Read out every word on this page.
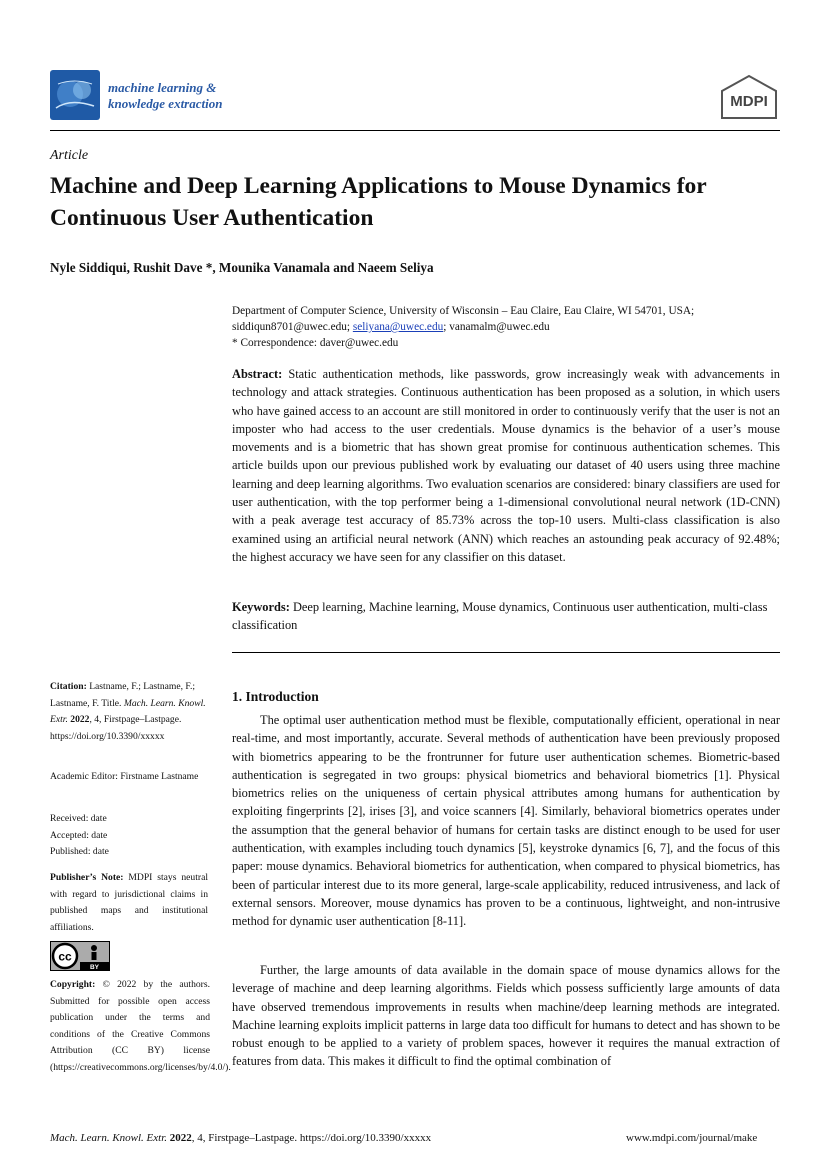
machine learning &
knowledge extraction	MDPI
Article
Machine and Deep Learning Applications to Mouse Dynamics for Continuous User Authentication
Nyle Siddiqui, Rushit Dave *, Mounika Vanamala and Naeem Seliya
Department of Computer Science, University of Wisconsin – Eau Claire, Eau Claire, WI 54701, USA;
siddiqun8701@uwec.edu; seliyana@uwec.edu; vanamalm@uwec.edu
* Correspondence: daver@uwec.edu
Abstract: Static authentication methods, like passwords, grow increasingly weak with advancements in technology and attack strategies. Continuous authentication has been proposed as a solution, in which users who have gained access to an account are still monitored in order to continuously verify that the user is not an imposter who had access to the user credentials. Mouse dynamics is the behavior of a user’s mouse movements and is a biometric that has shown great promise for continuous authentication schemes. This article builds upon our previous published work by evaluating our dataset of 40 users using three machine learning and deep learning algorithms. Two evaluation scenarios are considered: binary classifiers are used for user authentication, with the top performer being a 1-dimensional convolutional neural network (1D-CNN) with a peak average test accuracy of 85.73% across the top-10 users. Multi-class classification is also examined using an artificial neural network (ANN) which reaches an astounding peak accuracy of 92.48%; the highest accuracy we have seen for any classifier on this dataset.
Keywords: Deep learning, Machine learning, Mouse dynamics, Continuous user authentication, multi-class classification
1. Introduction

The optimal user authentication method must be flexible, computationally efficient, operational in near real-time, and most importantly, accurate. Several methods of authentication have been previously proposed with biometrics appearing to be the frontrunner for future user authentication schemes. Biometric-based authentication is segregated in two groups: physical biometrics and behavioral biometrics [1]. Physical biometrics relies on the uniqueness of certain physical attributes among humans for authentication by exploiting fingerprints [2], irises [3], and voice scanners [4]. Similarly, behavioral biometrics operates under the assumption that the general behavior of humans for certain tasks are distinct enough to be used for user authentication, with examples including touch dynamics [5], keystroke dynamics [6, 7], and the focus of this paper: mouse dynamics. Behavioral biometrics for authentication, when compared to physical biometrics, has been of particular interest due to its more general, large-scale applicability, reduced intrusiveness, and lack of external sensors. Moreover, mouse dynamics has proven to be a continuous, lightweight, and non-intrusive method for dynamic user authentication [8-11].

Further, the large amounts of data available in the domain space of mouse dynamics allows for the leverage of machine and deep learning algorithms. Fields which possess sufficiently large amounts of data have observed tremendous improvements in results when machine/deep learning methods are integrated. Machine learning exploits implicit patterns in large data too difficult for humans to detect and has shown to be robust enough to be applied to a variety of problem spaces, however it requires the manual extraction of features from data. This makes it difficult to find the optimal combination of

Citation: Lastname, F.; Lastname, F.; Lastname, F. Title. Mach. Learn. Knowl. Extr. 2022, 4, Firstpage–Lastpage. https://doi.org/10.3390/xxxxx
Academic Editor: Firstname Lastname
Received: date
Accepted: date
Published: date
Publisher’s Note: MDPI stays neutral with regard to jurisdictional claims in published maps and institutional affiliations.
cc
BY
Copyright: © 2022 by the authors. Submitted for possible open access publication under the terms and conditions of the Creative Commons Attribution (CC BY) license (https://creativecommons.org/licenses/by/4.0/).
Mach. Learn. Knowl. Extr. 2022, 4, Firstpage–Lastpage. https://doi.org/10.3390/xxxxx	www.mdpi.com/journal/make
